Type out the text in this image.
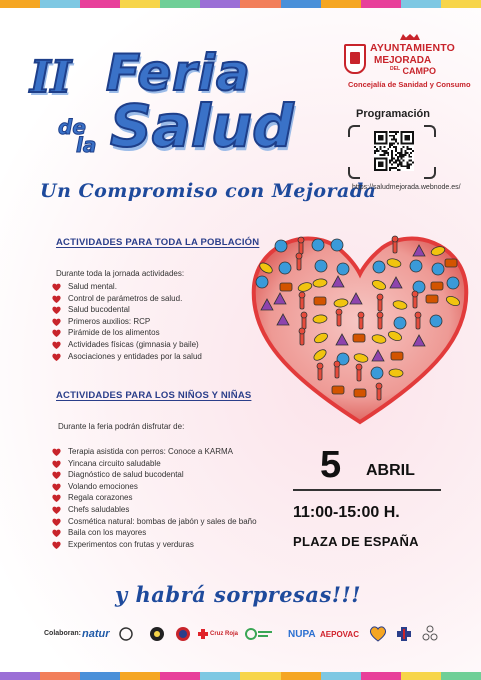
II Feria
de
la Salud
Un Compromiso con Mejorada
AYUNTAMIENTO
MEJORADA
$^{DEL}$ CAMPO
Concejalía de Sanidad y Consumo
Programación
https://saludmejorada.webnode.es/
ACTIVIDADES PARA TODA LA POBLACIÓN
Durante toda la jornada actividades:
Salud mental.
Control de parámetros de salud.
Salud bucodental
Primeros auxilios: RCP
Pirámide de los alimentos
Actividades físicas (gimnasia y baile)
Asociaciones y entidades por la salud
ACTIVIDADES PARA LOS NIÑOS Y NIÑAS
Durante la feria podrán disfrutar de:
Terapia asistida con perros: Conoce a KARMA
Yincana circuito saludable
Diagnóstico de salud bucodental
Volando emociones
Regala corazones
Chefs saludables
Cosmética natural: bombas de jabón y sales de baño
Baila con los mayores
Experimentos con frutas y verduras
5 ABRIL
11:00-15:00 H.
PLAZA DE ESPAÑA
y habrá sorpresas!!!
Colaboran: natur	Cruz Roja	NUPA AEPOVAC
